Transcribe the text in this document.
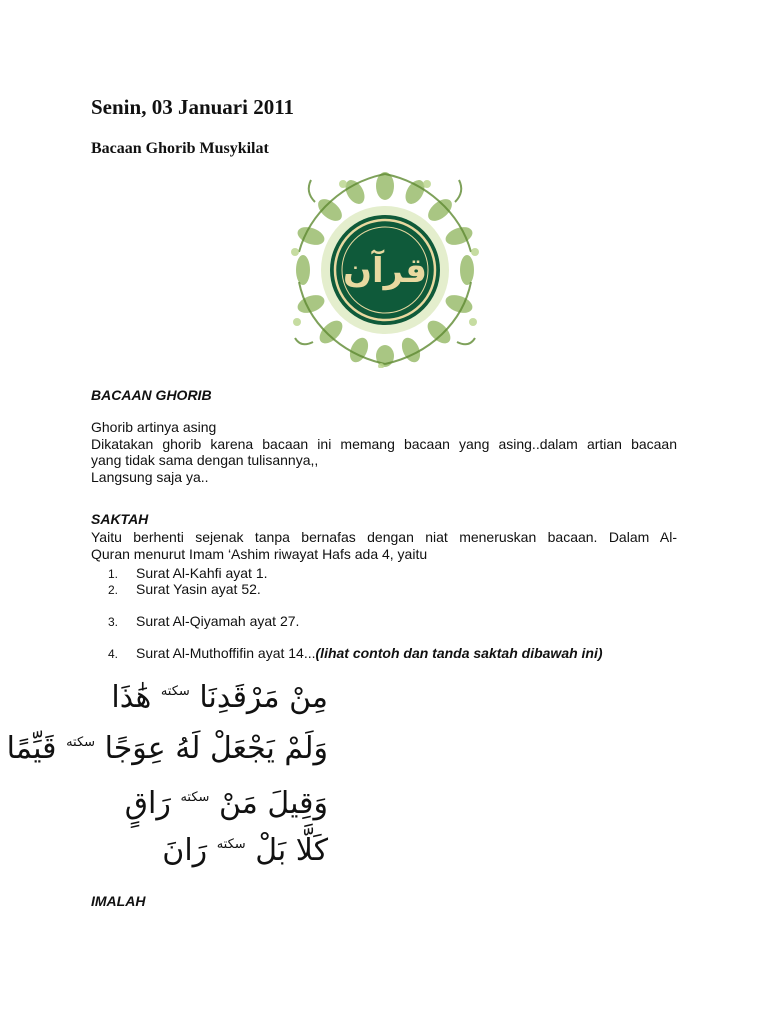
Senin, 03 Januari 2011
Bacaan Ghorib Musykilat
قرآن
BACAAN GHORIB
Ghorib artinya asing
Dikatakan ghorib karena bacaan ini memang bacaan yang asing..dalam artian bacaan
yang tidak sama dengan tulisannya,,
Langsung saja ya..
SAKTAH
Yaitu berhenti sejenak tanpa bernafas dengan niat meneruskan bacaan. Dalam Al-
Quran menurut Imam ‘Ashim riwayat Hafs ada 4, yaitu
1. Surat Al-Kahfi ayat 1.
2. Surat Yasin ayat 52.
3. Surat Al-Qiyamah ayat 27.
4. Surat Al-Muthoffifin ayat 14...(lihat contoh dan tanda saktah dibawah ini)
مِنْ مَرْقَدِنَا $^{سكته}$ هَٰذَا
وَلَمْ يَجْعَلْ لَهُ عِوَجًا $^{سكته}$ قَيِّمًا
وَقِيلَ مَنْ $^{سكته}$ رَاقٍ
كَلَّا بَلْ $^{سكته}$ رَانَ
IMALAH
